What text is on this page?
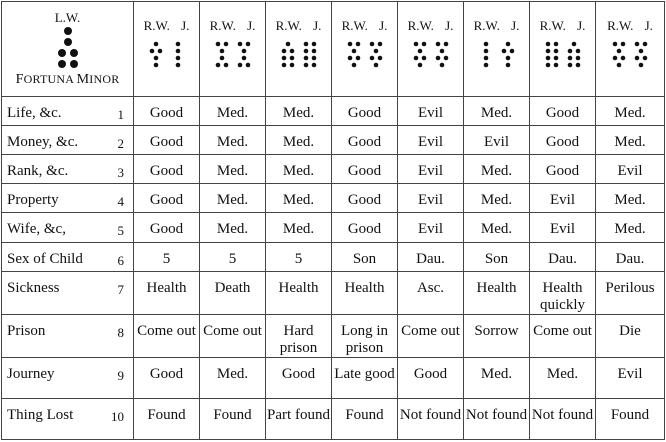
L.W.
FORTUNA MINOR	R.W. J.	R.W. J.	R.W. J.	R.W. J.	R.W. J.	R.W. J.	R.W. J.	R.W. J.

Life, &c. 1	Good	Med.	Med.	Good	Evil	Med.	Good	Med.
Money, &c. 2	Good	Med.	Med.	Good	Evil	Evil	Good	Med.
Rank, &c. 3	Good	Med.	Med.	Good	Evil	Med.	Good	Evil
Property 4	Good	Med.	Med.	Good	Evil	Med.	Evil	Med.
Wife, &c, 5	Good	Med.	Med.	Good	Evil	Med.	Evil	Med.
Sex of Child 6	5	5	5	Son	Dau.	Son	Dau.	Dau.
Sickness 7	Health	Death	Health	Health	Asc.	Health	Health quickly	Perilous
Prison 8	Come out	Come out	Hard prison	Long in prison	Come out	Sorrow	Come out	Die
Journey 9	Good	Med.	Good	Late good	Good	Med.	Med.	Evil
Thing Lost 10	Found	Found	Part found	Found	Not found	Not found	Not found	Found
